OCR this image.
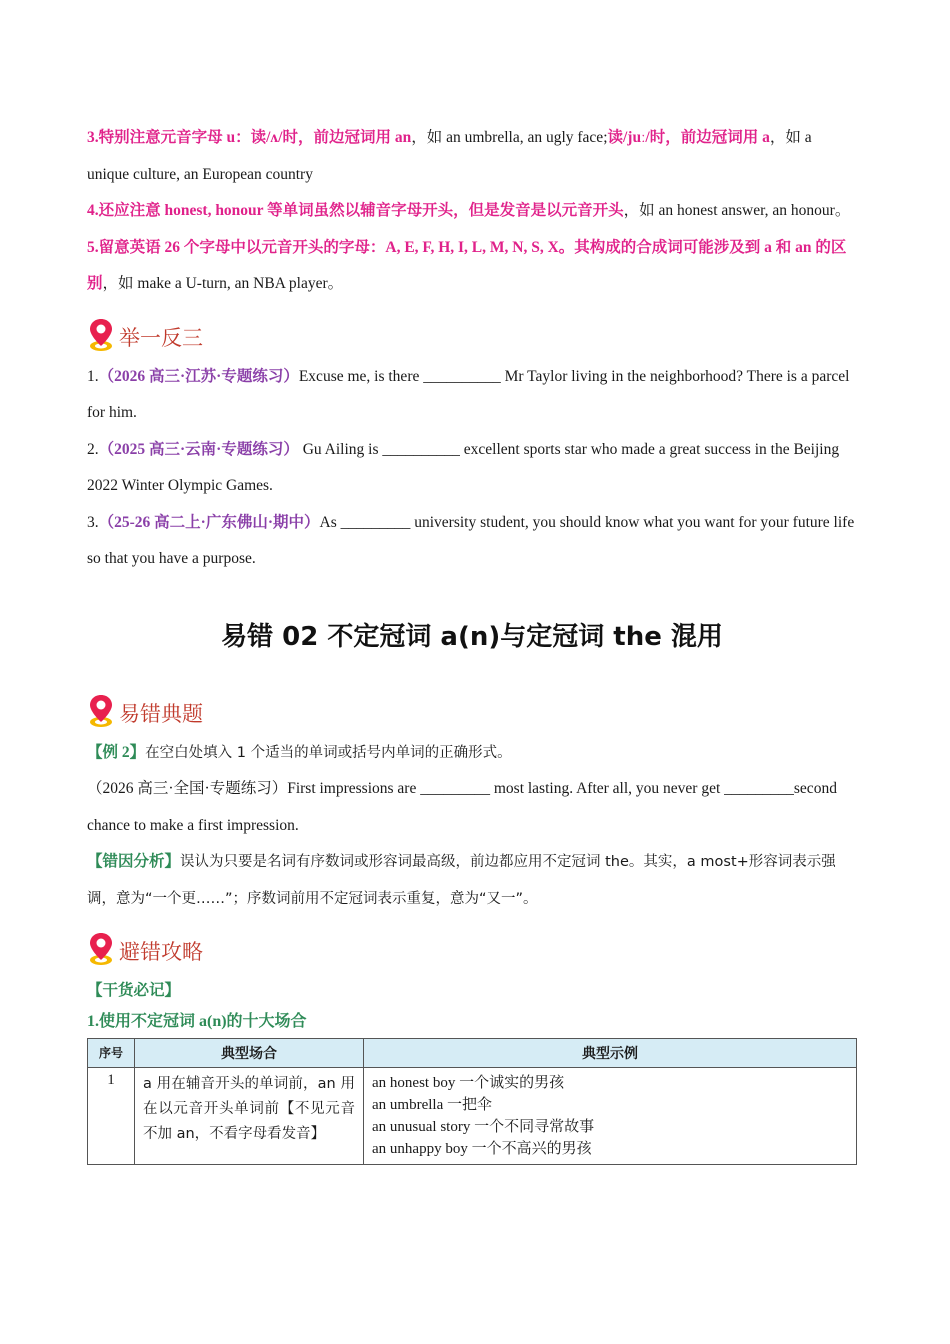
3.特别注意元音字母 u：读/ʌ/时，前边冠词用 an，如 an umbrella, an ugly face;读/juː/时，前边冠词用 a，如 a unique culture, an European country

4.还应注意 honest, honour 等单词虽然以辅音字母开头，但是发音是以元音开头，如 an honest answer, an honour。

5.留意英语 26 个字母中以元音开头的字母：A, E, F, H, I, L, M, N, S, X。其构成的合成词可能涉及到 a 和 an 的区别，如 make a U-turn, an NBA player。

举一反三

1.（2026 高三·江苏·专题练习）Excuse me, is there __________ Mr Taylor living in the neighborhood? There is a parcel for him.

2.（2025 高三·云南·专题练习） Gu Ailing is __________ excellent sports star who made a great success in the Beijing 2022 Winter Olympic Games.

3.（25-26 高二上·广东佛山·期中）As _________ university student, you should know what you want for your future life so that you have a purpose.

易错 02 不定冠词 a(n)与定冠词 the 混用
易错典题

【例 2】在空白处填入 1 个适当的单词或括号内单词的正确形式。

（2026 高三·全国·专题练习）First impressions are _________ most lasting. After all, you never get _________second chance to make a first impression.

【错因分析】误认为只要是名词有序数词或形容词最高级，前边都应用不定冠词 the。其实，a most+形容词表示强调，意为“一个更……”；序数词前用不定冠词表示重复，意为“又一”。

避错攻略

【干货必记】

1.使用不定冠词 a(n)的十大场合
序号	典型场合	典型示例
1	a 用在辅音开头的单词前，an 用在以元音开头单词前【不见元音不加 an，不看字母看发音】	an honest boy 一个诚实的男孩
an umbrella 一把伞
an unusual story 一个不同寻常故事
an unhappy boy 一个不高兴的男孩
